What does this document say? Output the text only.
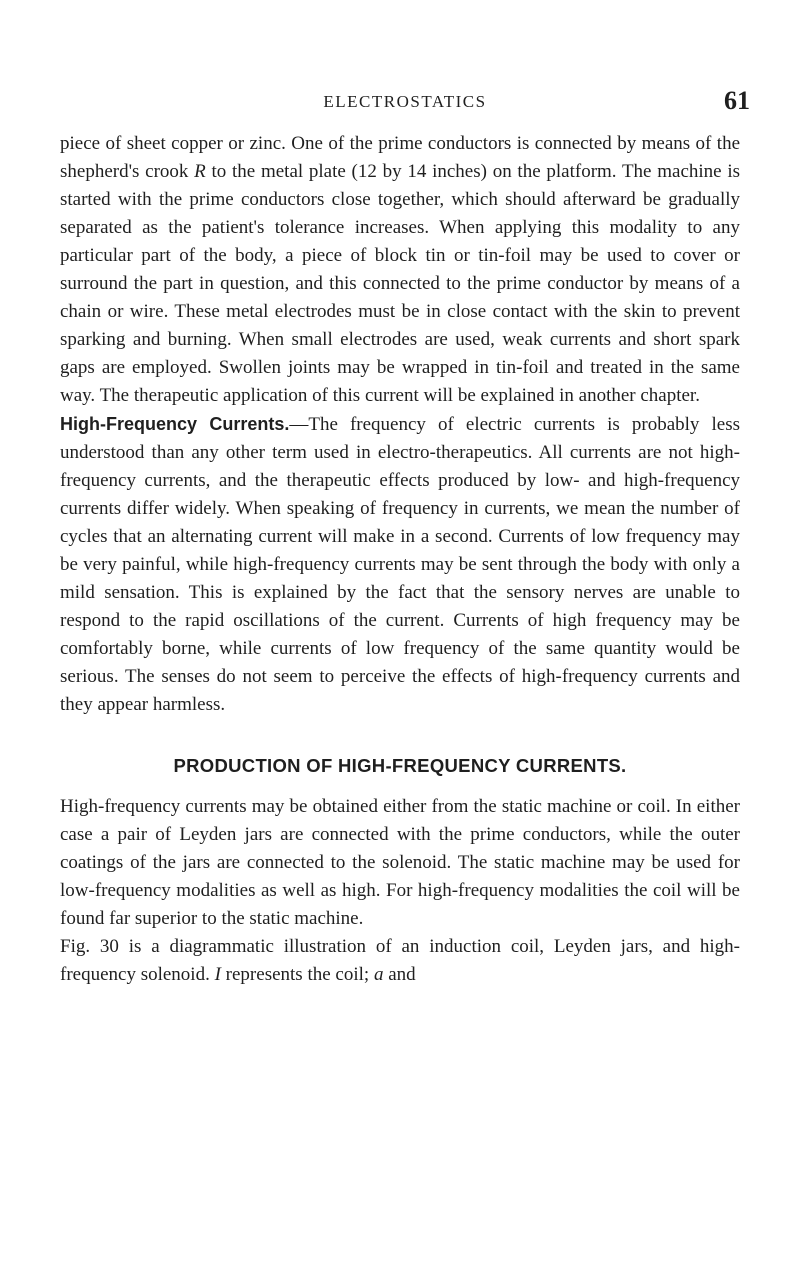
ELECTROSTATICS	61

piece of sheet copper or zinc. One of the prime conductors is connected by means of the shepherd's crook R to the metal plate (12 by 14 inches) on the platform. The machine is started with the prime conductors close together, which should afterward be gradually separated as the patient's tolerance increases. When applying this modality to any particular part of the body, a piece of block tin or tin-foil may be used to cover or surround the part in question, and this connected to the prime conductor by means of a chain or wire. These metal electrodes must be in close contact with the skin to prevent sparking and burning. When small electrodes are used, weak currents and short spark gaps are employed. Swollen joints may be wrapped in tin-foil and treated in the same way. The therapeutic application of this current will be explained in another chapter.

High-Frequency Currents.—The frequency of electric currents is probably less understood than any other term used in electro-therapeutics. All currents are not high-frequency currents, and the therapeutic effects produced by low- and high-frequency currents differ widely. When speaking of frequency in currents, we mean the number of cycles that an alternating current will make in a second. Currents of low frequency may be very painful, while high-frequency currents may be sent through the body with only a mild sensation. This is explained by the fact that the sensory nerves are unable to respond to the rapid oscillations of the current. Currents of high frequency may be comfortably borne, while currents of low frequency of the same quantity would be serious. The senses do not seem to perceive the effects of high-frequency currents and they appear harmless.

PRODUCTION OF HIGH-FREQUENCY CURRENTS.

High-frequency currents may be obtained either from the static machine or coil. In either case a pair of Leyden jars are connected with the prime conductors, while the outer coatings of the jars are connected to the solenoid. The static machine may be used for low-frequency modalities as well as high. For high-frequency modalities the coil will be found far superior to the static machine.

Fig. 30 is a diagrammatic illustration of an induction coil, Leyden jars, and high-frequency solenoid. I represents the coil; a and
